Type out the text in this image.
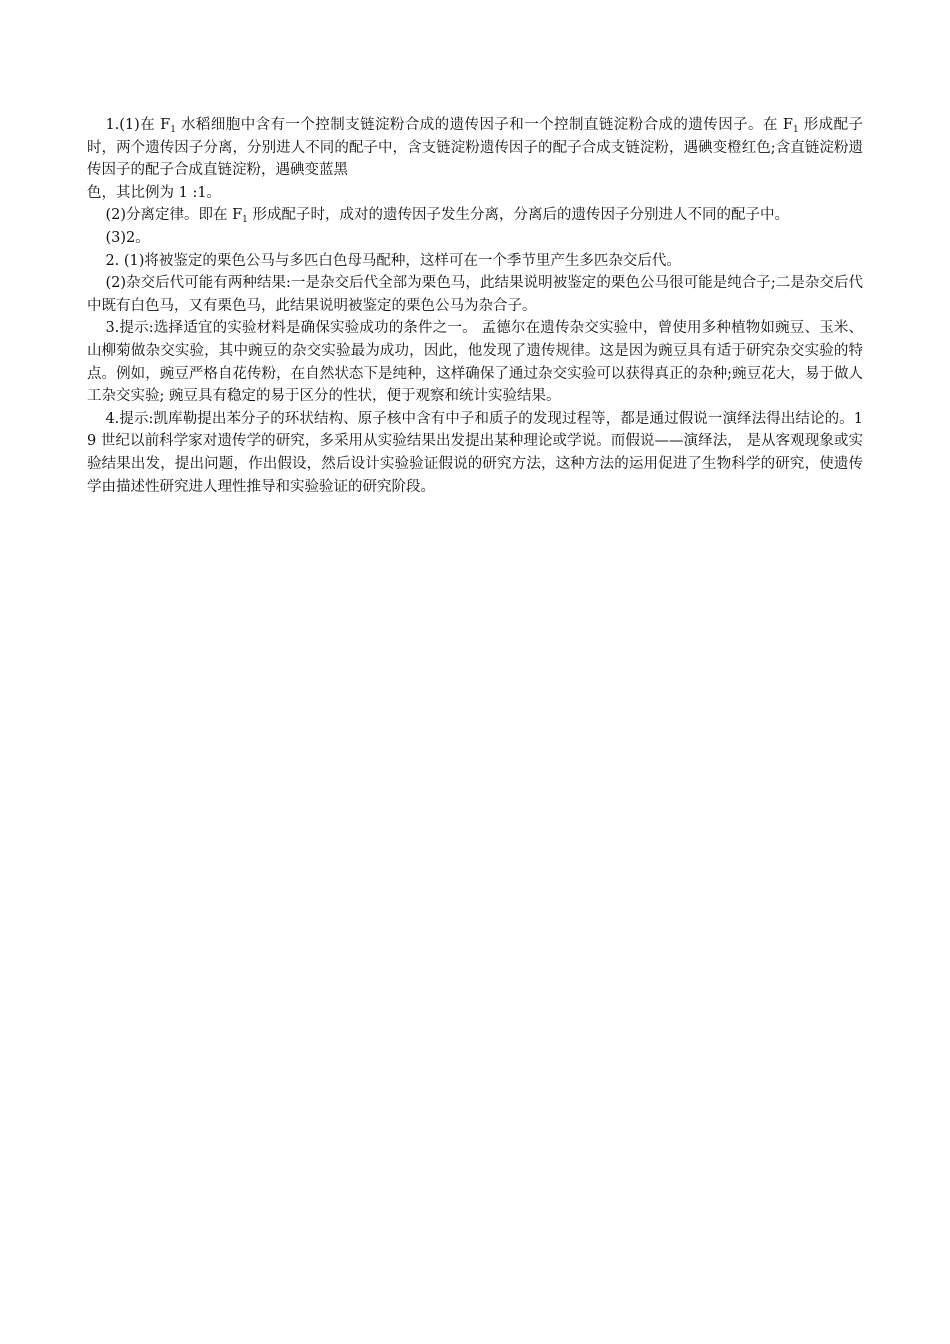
1.(1)在 $F_1$ 水稻细胞中含有一个控制支链淀粉合成的遗传因子和一个控制直链淀粉合成的遗传因子。在 $F_1$ 形成配子时，两个遗传因子分离，分别进人不同的配子中，含支链淀粉遗传因子的配子合成支链淀粉，遇碘变橙红色;含直链淀粉遗传因子的配子合成直链淀粉，遇碘变蓝黑

色，其比例为 1 :1。

(2)分离定律。即在 $F_1$ 形成配子时，成对的遗传因子发生分离，分离后的遗传因子分别进人不同的配子中。

(3)2。

2. (1)将被鉴定的栗色公马与多匹白色母马配种，这样可在一个季节里产生多匹杂交后代。

(2)杂交后代可能有两种结果:一是杂交后代全部为栗色马，此结果说明被鉴定的栗色公马很可能是纯合子;二是杂交后代中既有白色马，又有栗色马，此结果说明被鉴定的栗色公马为杂合子。

3.提示:选择适宜的实验材料是确保实验成功的条件之一。 孟德尔在遗传杂交实验中，曾使用多种植物如豌豆、玉米、山柳菊做杂交实验，其中豌豆的杂交实验最为成功，因此，他发现了遗传规律。这是因为豌豆具有适于研究杂交实验的特点。例如，豌豆严格自花传粉，在自然状态下是纯种，这样确保了通过杂交实验可以获得真正的杂种;豌豆花大，易于做人工杂交实验; 豌豆具有稳定的易于区分的性状，便于观察和统计实验结果。

4.提示:凯库勒提出苯分子的环状结构、原子核中含有中子和质子的发现过程等，都是通过假说一演绎法得出结论的。19 世纪以前科学家对遗传学的研究，多采用从实验结果出发提出某种理论或学说。而假说——演绎法， 是从客观现象或实验结果出发，提出问题，作出假设，然后设计实验验证假说的研究方法，这种方法的运用促进了生物科学的研究，使遗传学由描述性研究进人理性推导和实验验证的研究阶段。
